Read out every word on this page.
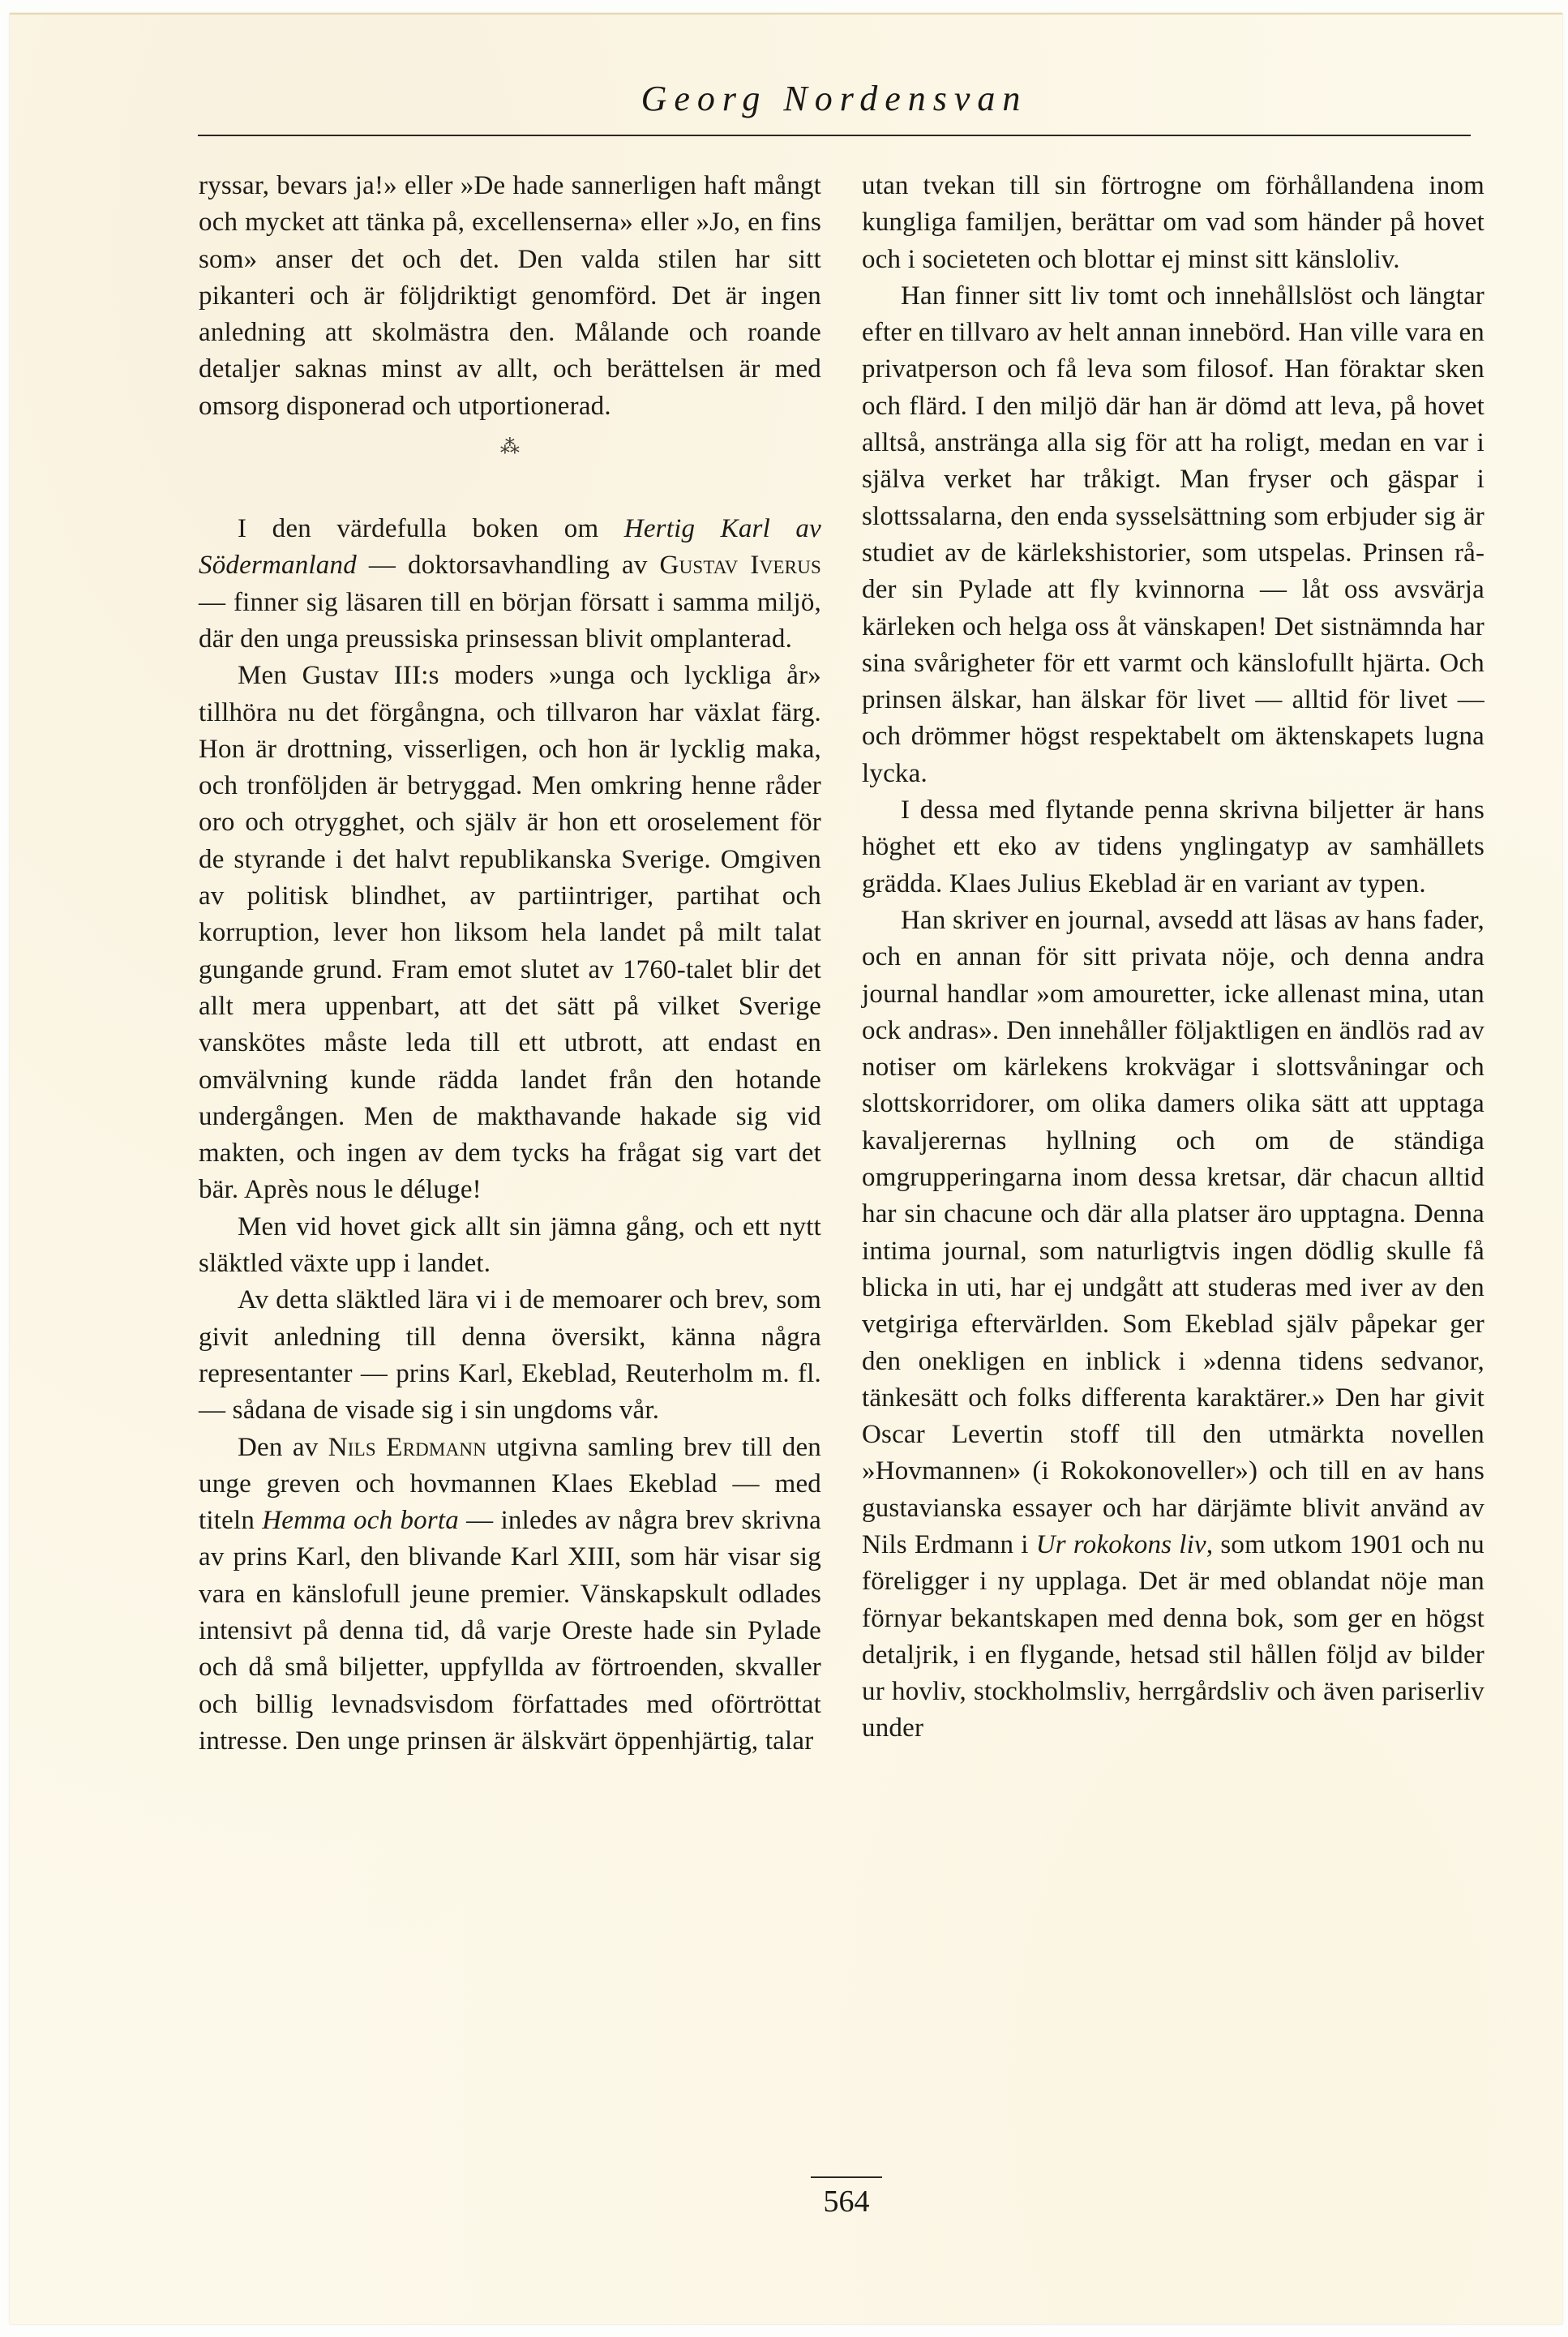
Georg Nordensvan

ryssar, bevars ja!» eller »De hade sannerligen haft mångt och mycket att tänka på, excellenserna» eller »Jo, en fins som» anser det och det. Den valda stilen har sitt pikanteri och är följdriktigt genomförd. Det är ingen anledning att skolmästra den. Målande och roande detaljer saknas minst av allt, och berättelsen är med omsorg disponerad och utportionerad.

⁂

I den värdefulla boken om Hertig Karl av Södermanland — doktorsavhandling av Gustav Iverus — finner sig läsaren till en början försatt i samma miljö, där den unga preussiska prinsessan blivit omplanterad.

Men Gustav III:s moders »unga och lyckliga år» tillhöra nu det förgångna, och tillvaron har växlat färg. Hon är drottning, visserligen, och hon är lycklig maka, och tronföljden är betryggad. Men omkring henne råder oro och otrygghet, och själv är hon ett oroselement för de styrande i det halvt republikanska Sverige. Omgiven av politisk blindhet, av partiintriger, partihat och korruption, lever hon liksom hela landet på milt talat gungande grund. Fram emot slutet av 1760-talet blir det allt mera uppenbart, att det sätt på vilket Sverige vanskötes måste leda till ett utbrott, att endast en omvälvning kunde rädda landet från den hotande undergången. Men de makthavande hakade sig vid makten, och ingen av dem tycks ha frågat sig vart det bär. Après nous le déluge!

Men vid hovet gick allt sin jämna gång, och ett nytt släktled växte upp i landet.

Av detta släktled lära vi i de memoarer och brev, som givit anledning till denna översikt, känna några representanter — prins Karl, Ekeblad, Reuterholm m. fl. — sådana de visade sig i sin ungdoms vår.

Den av Nils Erdmann utgivna samling brev till den unge greven och hovmannen Klaes Ekeblad — med titeln Hemma och borta — inledes av några brev skrivna av prins Karl, den blivande Karl XIII, som här visar sig vara en känslofull jeune premier. Vänskapskult odlades intensivt på denna tid, då varje Oreste hade sin Pylade och då små biljetter, uppfyllda av förtroenden, skvaller och billig levnadsvisdom författades med oförtröttat intresse. Den unge prinsen är älskvärt öppenhjärtig, talar

utan tvekan till sin förtrogne om förhållandena inom kungliga familjen, berättar om vad som händer på hovet och i societeten och blottar ej minst sitt känsloliv.

Han finner sitt liv tomt och innehållslöst och längtar efter en tillvaro av helt annan innebörd. Han ville vara en privatperson och få leva som filosof. Han föraktar sken och flärd. I den miljö där han är dömd att leva, på hovet alltså, anstränga alla sig för att ha roligt, medan en var i själva verket har tråkigt. Man fryser och gäspar i slottssalarna, den enda sysselsättning som erbjuder sig är studiet av de kärlekshistorier, som utspelas. Prinsen råder sin Pylade att fly kvinnorna — låt oss avsvärja kärleken och helga oss åt vänskapen! Det sistnämnda har sina svårigheter för ett varmt och känslofullt hjärta. Och prinsen älskar, han älskar för livet — alltid för livet — och drömmer högst respektabelt om äktenskapets lugna lycka.

I dessa med flytande penna skrivna biljetter är hans höghet ett eko av tidens ynglingatyp av samhällets grädda. Klaes Julius Ekeblad är en variant av typen.

Han skriver en journal, avsedd att läsas av hans fader, och en annan för sitt privata nöje, och denna andra journal handlar »om amouretter, icke allenast mina, utan ock andras». Den innehåller följaktligen en ändlös rad av notiser om kärlekens krokvägar i slottsvåningar och slottskorridorer, om olika damers olika sätt att upptaga kavaljerernas hyllning och om de ständiga omgrupperingarna inom dessa kretsar, där chacun alltid har sin chacune och där alla platser äro upptagna. Denna intima journal, som naturligtvis ingen dödlig skulle få blicka in uti, har ej undgått att studeras med iver av den vetgiriga eftervärlden. Som Ekeblad själv påpekar ger den onekligen en inblick i »denna tidens sedvanor, tänkesätt och folks differenta karaktärer.» Den har givit Oscar Levertin stoff till den utmärkta novellen »Hovmannen» (i Rokokonoveller») och till en av hans gustavianska essayer och har därjämte blivit använd av Nils Erdmann i Ur rokokons liv, som utkom 1901 och nu föreligger i ny upplaga. Det är med oblandat nöje man förnyar bekantskapen med denna bok, som ger en högst detaljrik, i en flygande, hetsad stil hållen följd av bilder ur hovliv, stockholmsliv, herrgårdsliv och även pariserliv under

564
